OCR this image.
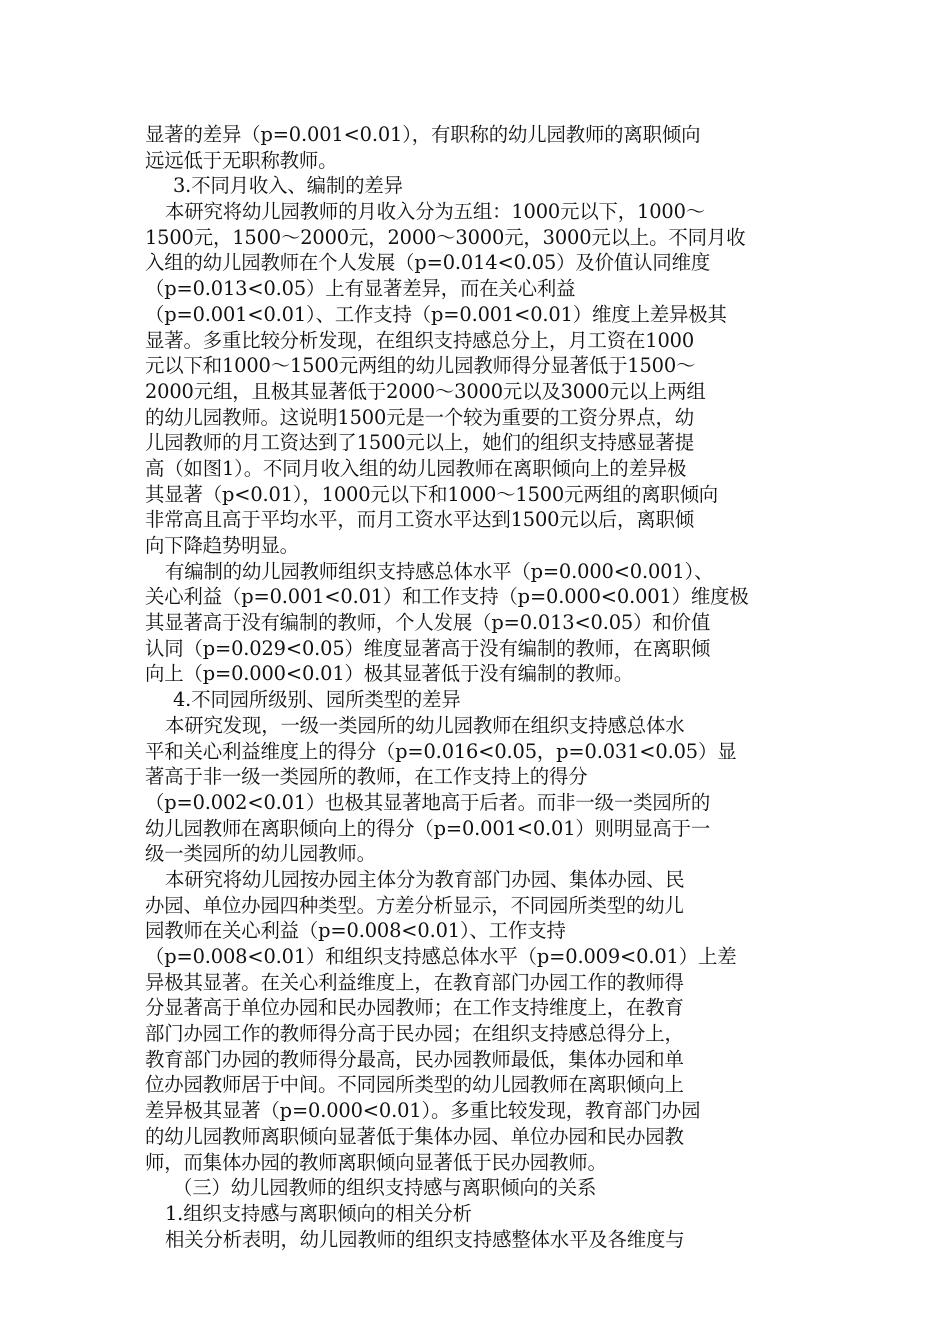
显著的差异（p=0.001<0.01），有职称的幼儿园教师的离职倾向
远远低于无职称教师。
3.不同月收入、编制的差异
本研究将幼儿园教师的月收入分为五组：1000元以下，1000～
1500元，1500～2000元，2000～3000元，3000元以上。不同月收
入组的幼儿园教师在个人发展（p=0.014<0.05）及价值认同维度
（p=0.013<0.05）上有显著差异，而在关心利益
（p=0.001<0.01）、工作支持（p=0.001<0.01）维度上差异极其
显著。多重比较分析发现，在组织支持感总分上，月工资在1000
元以下和1000～1500元两组的幼儿园教师得分显著低于1500～
2000元组，且极其显著低于2000～3000元以及3000元以上两组
的幼儿园教师。这说明1500元是一个较为重要的工资分界点，幼
儿园教师的月工资达到了1500元以上，她们的组织支持感显著提
高（如图1）。不同月收入组的幼儿园教师在离职倾向上的差异极
其显著（p<0.01），1000元以下和1000～1500元两组的离职倾向
非常高且高于平均水平，而月工资水平达到1500元以后，离职倾
向下降趋势明显。
有编制的幼儿园教师组织支持感总体水平（p=0.000<0.001）、
关心利益（p=0.001<0.01）和工作支持（p=0.000<0.001）维度极
其显著高于没有编制的教师，个人发展（p=0.013<0.05）和价值
认同（p=0.029<0.05）维度显著高于没有编制的教师，在离职倾
向上（p=0.000<0.01）极其显著低于没有编制的教师。
4.不同园所级别、园所类型的差异
本研究发现，一级一类园所的幼儿园教师在组织支持感总体水
平和关心利益维度上的得分（p=0.016<0.05，p=0.031<0.05）显
著高于非一级一类园所的教师，在工作支持上的得分
（p=0.002<0.01）也极其显著地高于后者。而非一级一类园所的
幼儿园教师在离职倾向上的得分（p=0.001<0.01）则明显高于一
级一类园所的幼儿园教师。
本研究将幼儿园按办园主体分为教育部门办园、集体办园、民
办园、单位办园四种类型。方差分析显示，不同园所类型的幼儿
园教师在关心利益（p=0.008<0.01）、工作支持
（p=0.008<0.01）和组织支持感总体水平（p=0.009<0.01）上差
异极其显著。在关心利益维度上，在教育部门办园工作的教师得
分显著高于单位办园和民办园教师；在工作支持维度上，在教育
部门办园工作的教师得分高于民办园；在组织支持感总得分上，
教育部门办园的教师得分最高，民办园教师最低，集体办园和单
位办园教师居于中间。不同园所类型的幼儿园教师在离职倾向上
差异极其显著（p=0.000<0.01）。多重比较发现，教育部门办园
的幼儿园教师离职倾向显著低于集体办园、单位办园和民办园教
师，而集体办园的教师离职倾向显著低于民办园教师。
（三）幼儿园教师的组织支持感与离职倾向的关系
1.组织支持感与离职倾向的相关分析
相关分析表明，幼儿园教师的组织支持感整体水平及各维度与
